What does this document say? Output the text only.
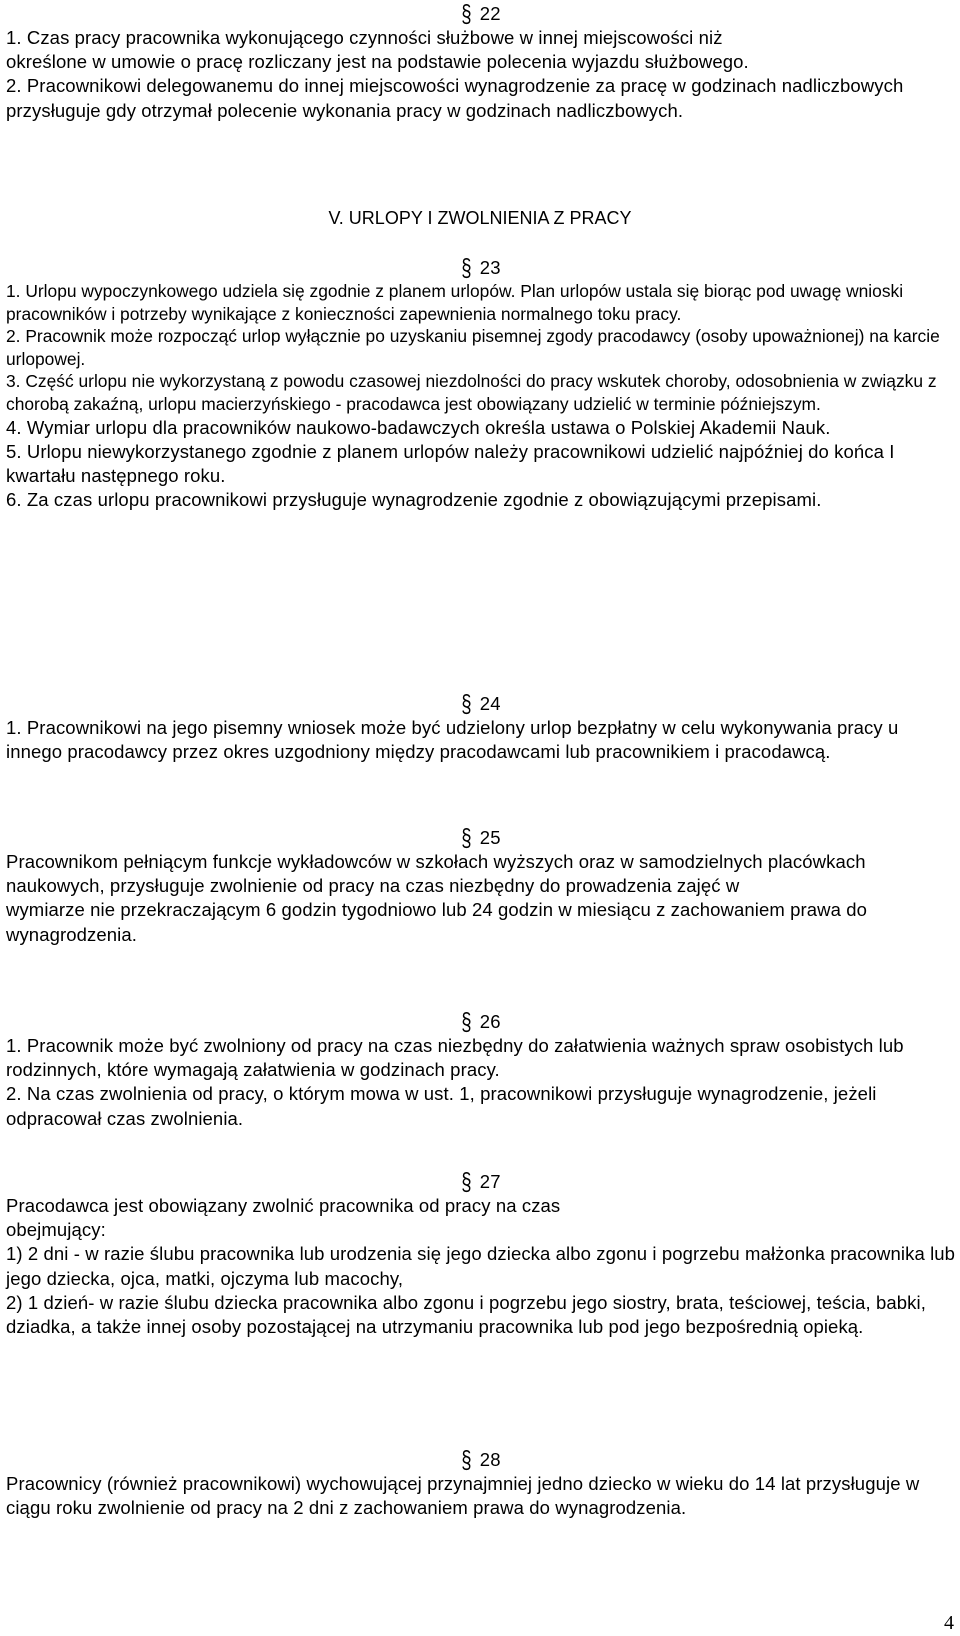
§ 22

1. Czas pracy pracownika wykonującego czynności służbowe w innej miejscowości niż

określone w umowie o pracę rozliczany jest na podstawie polecenia wyjazdu służbowego.

2. Pracownikowi delegowanemu do innej miejscowości wynagrodzenie za pracę w godzinach nadliczbowych przysługuje gdy otrzymał polecenie wykonania pracy w godzinach nadliczbowych.

V. URLOPY I ZWOLNIENIA Z PRACY
§ 23

1. Urlopu wypoczynkowego udziela się zgodnie z planem urlopów. Plan urlopów ustala się biorąc pod uwagę wnioski pracowników i potrzeby wynikające z konieczności zapewnienia normalnego toku pracy.

2. Pracownik może rozpocząć urlop wyłącznie po uzyskaniu pisemnej zgody pracodawcy (osoby upoważnionej) na karcie urlopowej.

3. Część urlopu nie wykorzystaną z powodu czasowej niezdolności do pracy wskutek choroby, odosobnienia w związku z chorobą zakaźną, urlopu macierzyńskiego - pracodawca jest obowiązany udzielić w terminie późniejszym.

4. Wymiar urlopu dla pracowników naukowo-badawczych określa ustawa o Polskiej Akademii Nauk.

5. Urlopu niewykorzystanego zgodnie z planem urlopów należy pracownikowi udzielić najpóźniej do końca I kwartału następnego roku.

6. Za czas urlopu pracownikowi przysługuje wynagrodzenie zgodnie z obowiązującymi przepisami.

§ 24

1. Pracownikowi na jego pisemny wniosek może być udzielony urlop bezpłatny w celu wykonywania pracy u innego pracodawcy przez okres uzgodniony między pracodawcami lub pracownikiem i pracodawcą.

§ 25

Pracownikom pełniącym funkcje wykładowców w szkołach wyższych oraz w samodzielnych placówkach naukowych, przysługuje zwolnienie od pracy na czas niezbędny do prowadzenia zajęć w

wymiarze nie przekraczającym 6 godzin tygodniowo lub 24 godzin w miesiącu z zachowaniem prawa do wynagrodzenia.

§ 26

1. Pracownik może być zwolniony od pracy na czas niezbędny do załatwienia ważnych spraw osobistych lub rodzinnych, które wymagają załatwienia w godzinach pracy.

2. Na czas zwolnienia od pracy, o którym mowa w ust. 1, pracownikowi przysługuje wynagrodzenie, jeżeli odpracował czas zwolnienia.

§ 27

Pracodawca jest obowiązany zwolnić pracownika od pracy na czas

obejmujący:

1) 2 dni - w razie ślubu pracownika lub urodzenia się jego dziecka albo zgonu i pogrzebu małżonka pracownika lub jego dziecka, ojca, matki, ojczyma lub macochy,

2) 1 dzień- w razie ślubu dziecka pracownika albo zgonu i pogrzebu jego siostry, brata, teściowej, teścia, babki, dziadka, a także innej osoby pozostającej na utrzymaniu pracownika lub pod jego bezpośrednią opieką.

§ 28

Pracownicy (również pracownikowi) wychowującej przynajmniej jedno dziecko w wieku do 14 lat przysługuje w ciągu roku zwolnienie od pracy na 2 dni z zachowaniem prawa do wynagrodzenia.

4
